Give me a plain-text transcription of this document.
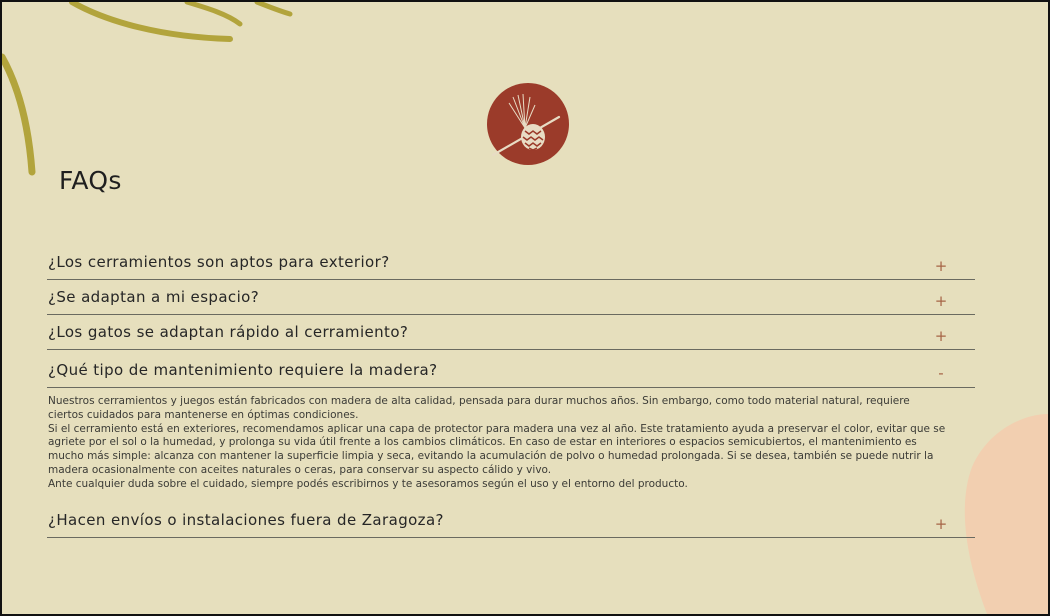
FAQs
¿Los cerramientos son aptos para exterior?	+
¿Se adaptan a mi espacio?	+
¿Los gatos se adaptan rápido al cerramiento?	+
¿Qué tipo de mantenimiento requiere la madera?	-

Nuestros cerramientos y juegos están fabricados con madera de alta calidad, pensada para durar muchos años. Sin embargo, como todo material natural, requiere ciertos cuidados para mantenerse en óptimas condiciones.

Si el cerramiento está en exteriores, recomendamos aplicar una capa de protector para madera una vez al año. Este tratamiento ayuda a preservar el color, evitar que se agriete por el sol o la humedad, y prolonga su vida útil frente a los cambios climáticos. En caso de estar en interiores o espacios semicubiertos, el mantenimiento es mucho más simple: alcanza con mantener la superficie limpia y seca, evitando la acumulación de polvo o humedad prolongada. Si se desea, también se puede nutrir la madera ocasionalmente con aceites naturales o ceras, para conservar su aspecto cálido y vivo.

Ante cualquier duda sobre el cuidado, siempre podés escribirnos y te asesoramos según el uso y el entorno del producto.

¿Hacen envíos o instalaciones fuera de Zaragoza?	+
